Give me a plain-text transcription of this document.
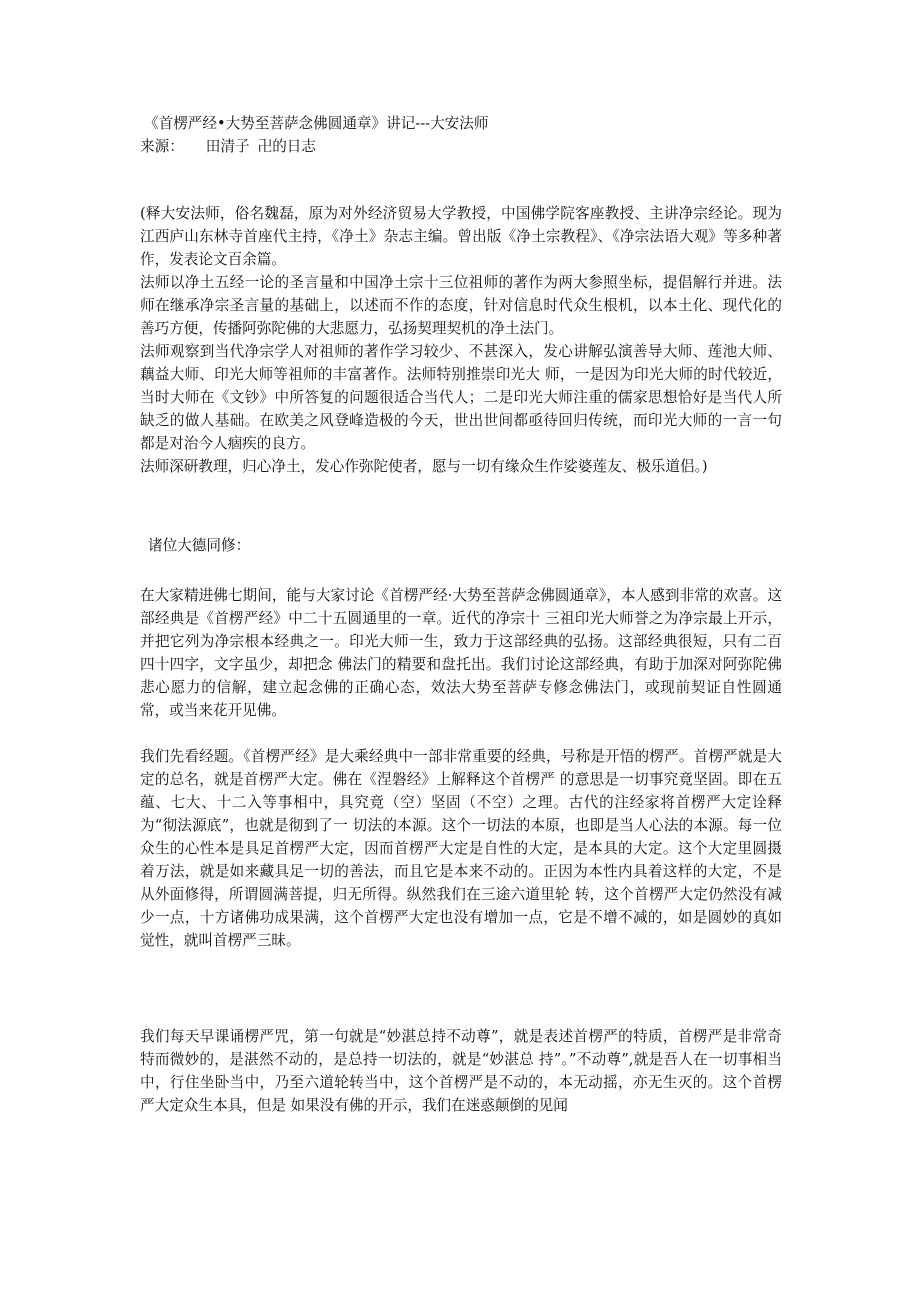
《首楞严经•大势至菩萨念佛圆通章》讲记---大安法师

来源： 田清子 卍的日志

(释大安法师，俗名魏磊，原为对外经济贸易大学教授，中国佛学院客座教授、主讲净宗经论。现为江西庐山东林寺首座代主持，《净土》杂志主编。曾出版《净土宗教程》、《净宗法语大观》等多种著作，发表论文百余篇。

法师以净土五经一论的圣言量和中国净土宗十三位祖师的著作为两大参照坐标，提倡解行并进。法师在继承净宗圣言量的基础上，以述而不作的态度，针对信息时代众生根机，以本土化、现代化的善巧方便，传播阿弥陀佛的大悲愿力，弘扬契理契机的净土法门。

法师观察到当代净宗学人对祖师的著作学习较少、不甚深入，发心讲解弘演善导大师、莲池大师、藕益大师、印光大师等祖师的丰富著作。法师特别推崇印光大 师，一是因为印光大师的时代较近，当时大师在《文钞》中所答复的问题很适合当代人；二是印光大师注重的儒家思想恰好是当代人所缺乏的做人基础。在欧美之风登峰造极的今天，世出世间都亟待回归传统，而印光大师的一言一句都是对治今人痼疾的良方。

法师深研教理，归心净土，发心作弥陀使者，愿与一切有缘众生作娑婆莲友、极乐道侣。)

诸位大德同修：

在大家精进佛七期间，能与大家讨论《首楞严经·大势至菩萨念佛圆通章》，本人感到非常的欢喜。这部经典是《首楞严经》中二十五圆通里的一章。近代的净宗十 三祖印光大师誉之为净宗最上开示，并把它列为净宗根本经典之一。印光大师一生，致力于这部经典的弘扬。这部经典很短，只有二百四十四字，文字虽少，却把念 佛法门的精要和盘托出。我们讨论这部经典，有助于加深对阿弥陀佛悲心愿力的信解，建立起念佛的正确心态，效法大势至菩萨专修念佛法门，或现前契证自性圆通 常，或当来花开见佛。

我们先看经题。《首楞严经》是大乘经典中一部非常重要的经典，号称是开悟的楞严。首楞严就是大定的总名，就是首楞严大定。佛在《涅磐经》上解释这个首楞严 的意思是一切事究竟坚固。即在五蕴、七大、十二入等事相中，具究竟（空）坚固（不空）之理。古代的注经家将首楞严大定诠释为“彻法源底”，也就是彻到了一 切法的本源。这个一切法的本原，也即是当人心法的本源。每一位众生的心性本是具足首楞严大定，因而首楞严大定是自性的大定，是本具的大定。这个大定里圆摄 着万法，就是如来藏具足一切的善法，而且它是本来不动的。正因为本性内具着这样的大定，不是从外面修得，所谓圆满菩提，归无所得。纵然我们在三途六道里轮 转，这个首楞严大定仍然没有减少一点，十方诸佛功成果满，这个首楞严大定也没有增加一点，它是不增不减的，如是圆妙的真如觉性，就叫首楞严三昧。

我们每天早课诵楞严咒，第一句就是“妙湛总持不动尊”，就是表述首楞严的特质，首楞严是非常奇特而微妙的，是湛然不动的，是总持一切法的，就是“妙湛总 持”。”不动尊”,就是吾人在一切事相当中，行住坐卧当中，乃至六道轮转当中，这个首楞严是不动的，本无动摇，亦无生灭的。这个首楞严大定众生本具，但是 如果没有佛的开示，我们在迷惑颠倒的见闻
